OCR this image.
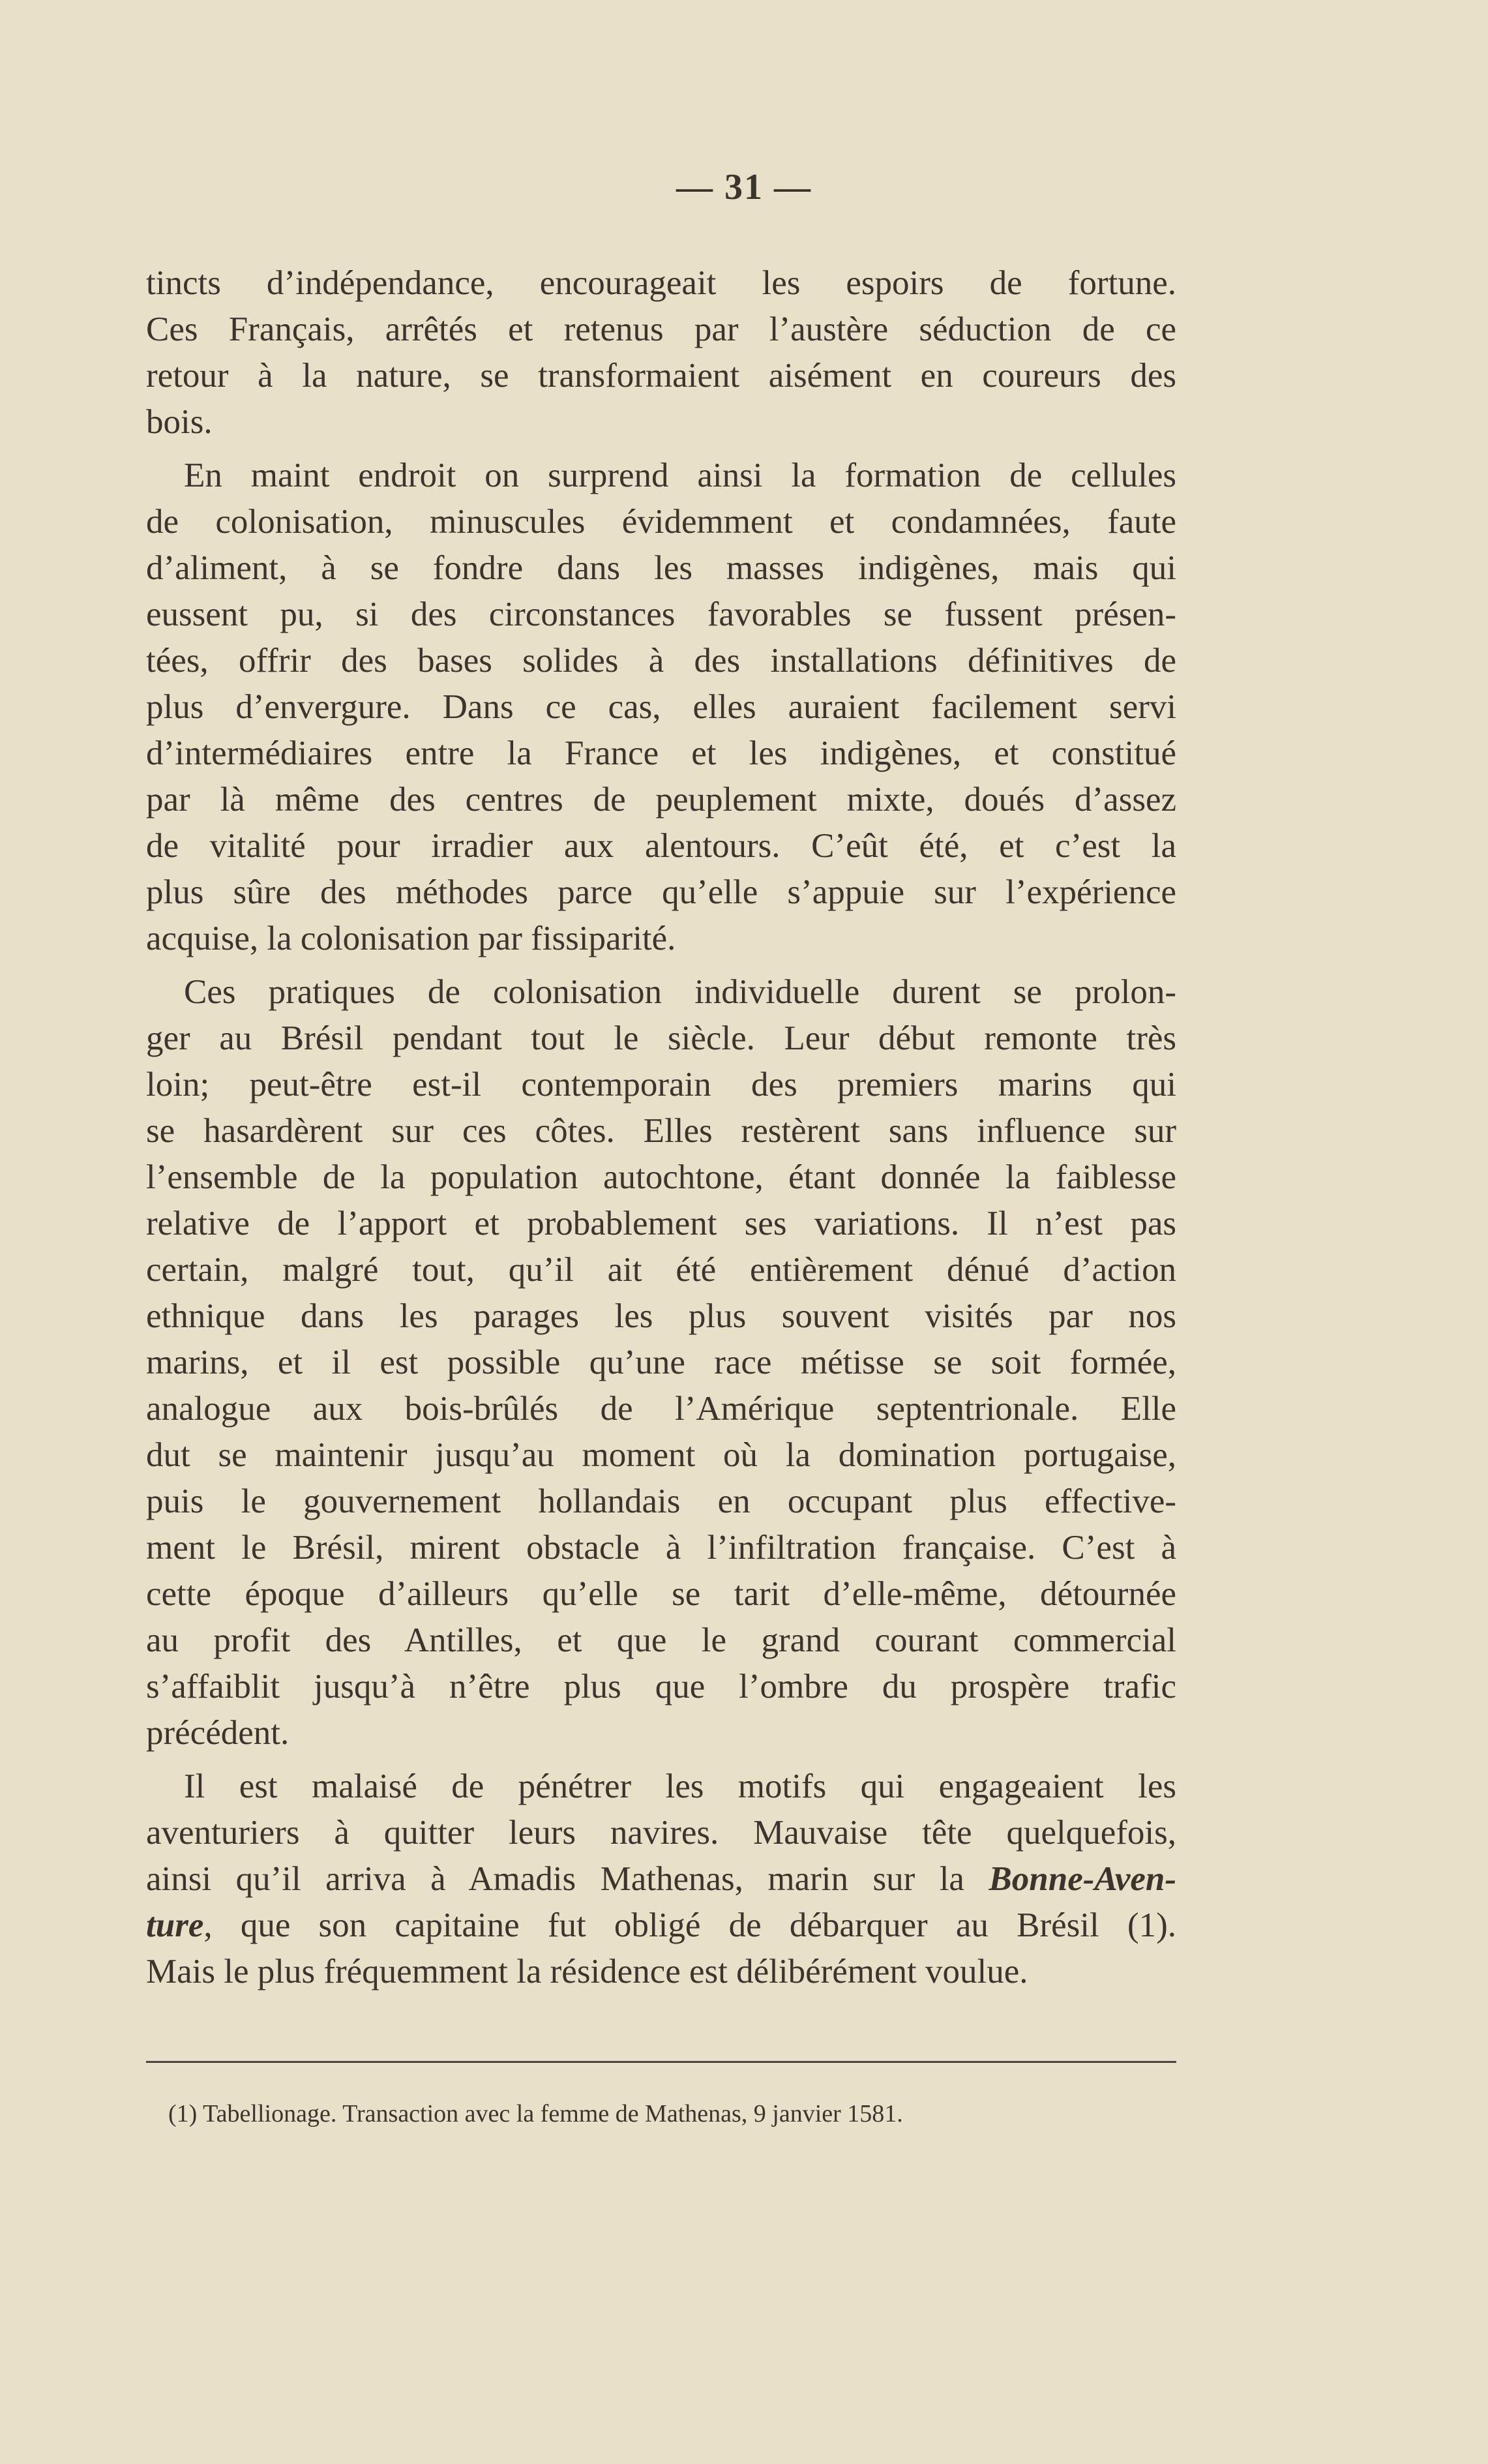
— 31 —
tincts d’indépendance, encourageait les espoirs de fortune.
Ces Français, arrêtés et retenus par l’austère séduction de ce
retour à la nature, se transformaient aisément en coureurs des
bois.
En maint endroit on surprend ainsi la formation de cellules
de colonisation, minuscules évidemment et condamnées, faute
d’aliment, à se fondre dans les masses indigènes, mais qui
eussent pu, si des circonstances favorables se fussent présen-
tées, offrir des bases solides à des installations définitives de
plus d’envergure. Dans ce cas, elles auraient facilement servi
d’intermédiaires entre la France et les indigènes, et constitué
par là même des centres de peuplement mixte, doués d’assez
de vitalité pour irradier aux alentours. C’eût été, et c’est la
plus sûre des méthodes parce qu’elle s’appuie sur l’expérience
acquise, la colonisation par fissiparité.
Ces pratiques de colonisation individuelle durent se prolon-
ger au Brésil pendant tout le siècle. Leur début remonte très
loin; peut-être est-il contemporain des premiers marins qui
se hasardèrent sur ces côtes. Elles restèrent sans influence sur
l’ensemble de la population autochtone, étant donnée la faiblesse
relative de l’apport et probablement ses variations. Il n’est pas
certain, malgré tout, qu’il ait été entièrement dénué d’action
ethnique dans les parages les plus souvent visités par nos
marins, et il est possible qu’une race métisse se soit formée,
analogue aux bois-brûlés de l’Amérique septentrionale. Elle
dut se maintenir jusqu’au moment où la domination portugaise,
puis le gouvernement hollandais en occupant plus effective-
ment le Brésil, mirent obstacle à l’infiltration française. C’est à
cette époque d’ailleurs qu’elle se tarit d’elle-même, détournée
au profit des Antilles, et que le grand courant commercial
s’affaiblit jusqu’à n’être plus que l’ombre du prospère trafic
précédent.
Il est malaisé de pénétrer les motifs qui engageaient les
aventuriers à quitter leurs navires. Mauvaise tête quelquefois,
ainsi qu’il arriva à Amadis Mathenas, marin sur la Bonne-Aven-
ture, que son capitaine fut obligé de débarquer au Brésil (1).
Mais le plus fréquemment la résidence est délibérément voulue.
(1) Tabellionage. Transaction avec la femme de Mathenas, 9 janvier 1581.
